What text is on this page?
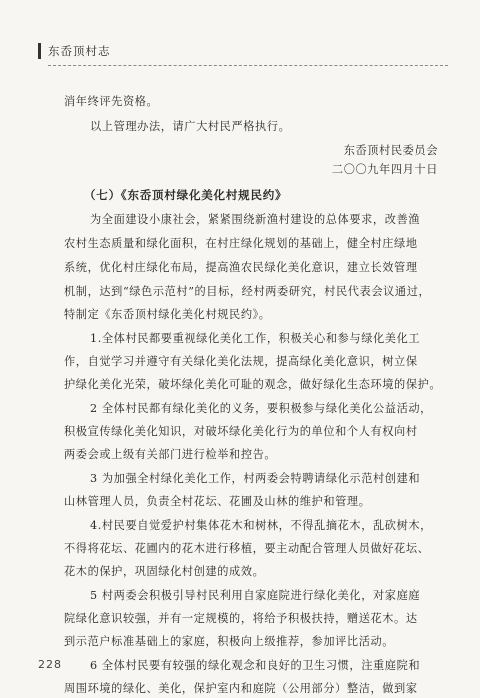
东岙顶村志
消年终评先资格。
以上管理办法，请广大村民严格执行。
东岙顶村民委员会
二〇〇九年四月十日
（七）《东岙顶村绿化美化村规民约》
为全面建设小康社会，紧紧围绕新渔村建设的总体要求，改善渔
农村生态质量和绿化面积，在村庄绿化规划的基础上，健全村庄绿地
系统，优化村庄绿化布局，提高渔农民绿化美化意识，建立长效管理
机制，达到“绿色示范村”的目标，经村两委研究，村民代表会议通过，
特制定《东岙顶村绿化美化村规民约》。
1.全体村民都要重视绿化美化工作，积极关心和参与绿化美化工
作，自觉学习并遵守有关绿化美化法规，提高绿化美化意识，树立保
护绿化美化光荣，破坏绿化美化可耻的观念，做好绿化生态环境的保护。
2 全体村民都有绿化美化的义务，要积极参与绿化美化公益活动，
积极宣传绿化美化知识，对破坏绿化美化行为的单位和个人有权向村
两委会或上级有关部门进行检举和控告。
3 为加强全村绿化美化工作，村两委会特聘请绿化示范村创建和
山林管理人员，负责全村花坛、花圃及山林的维护和管理。
4.村民要自觉爱护村集体花木和树林，不得乱摘花木，乱砍树木，
不得将花坛、花圃内的花木进行移植，要主动配合管理人员做好花坛、
花木的保护，巩固绿化村创建的成效。
5 村两委会积极引导村民利用自家庭院进行绿化美化，对家庭庭
院绿化意识较强，并有一定规模的，将给予积极扶持，赠送花木。达
到示范户标准基础上的家庭，积极向上级推荐，参加评比活动。
6 全体村民要有较强的绿化观念和良好的卫生习惯，注重庭院和
周围环境的绿化、美化，保护室内和庭院（公用部分）整洁，做到家
228
